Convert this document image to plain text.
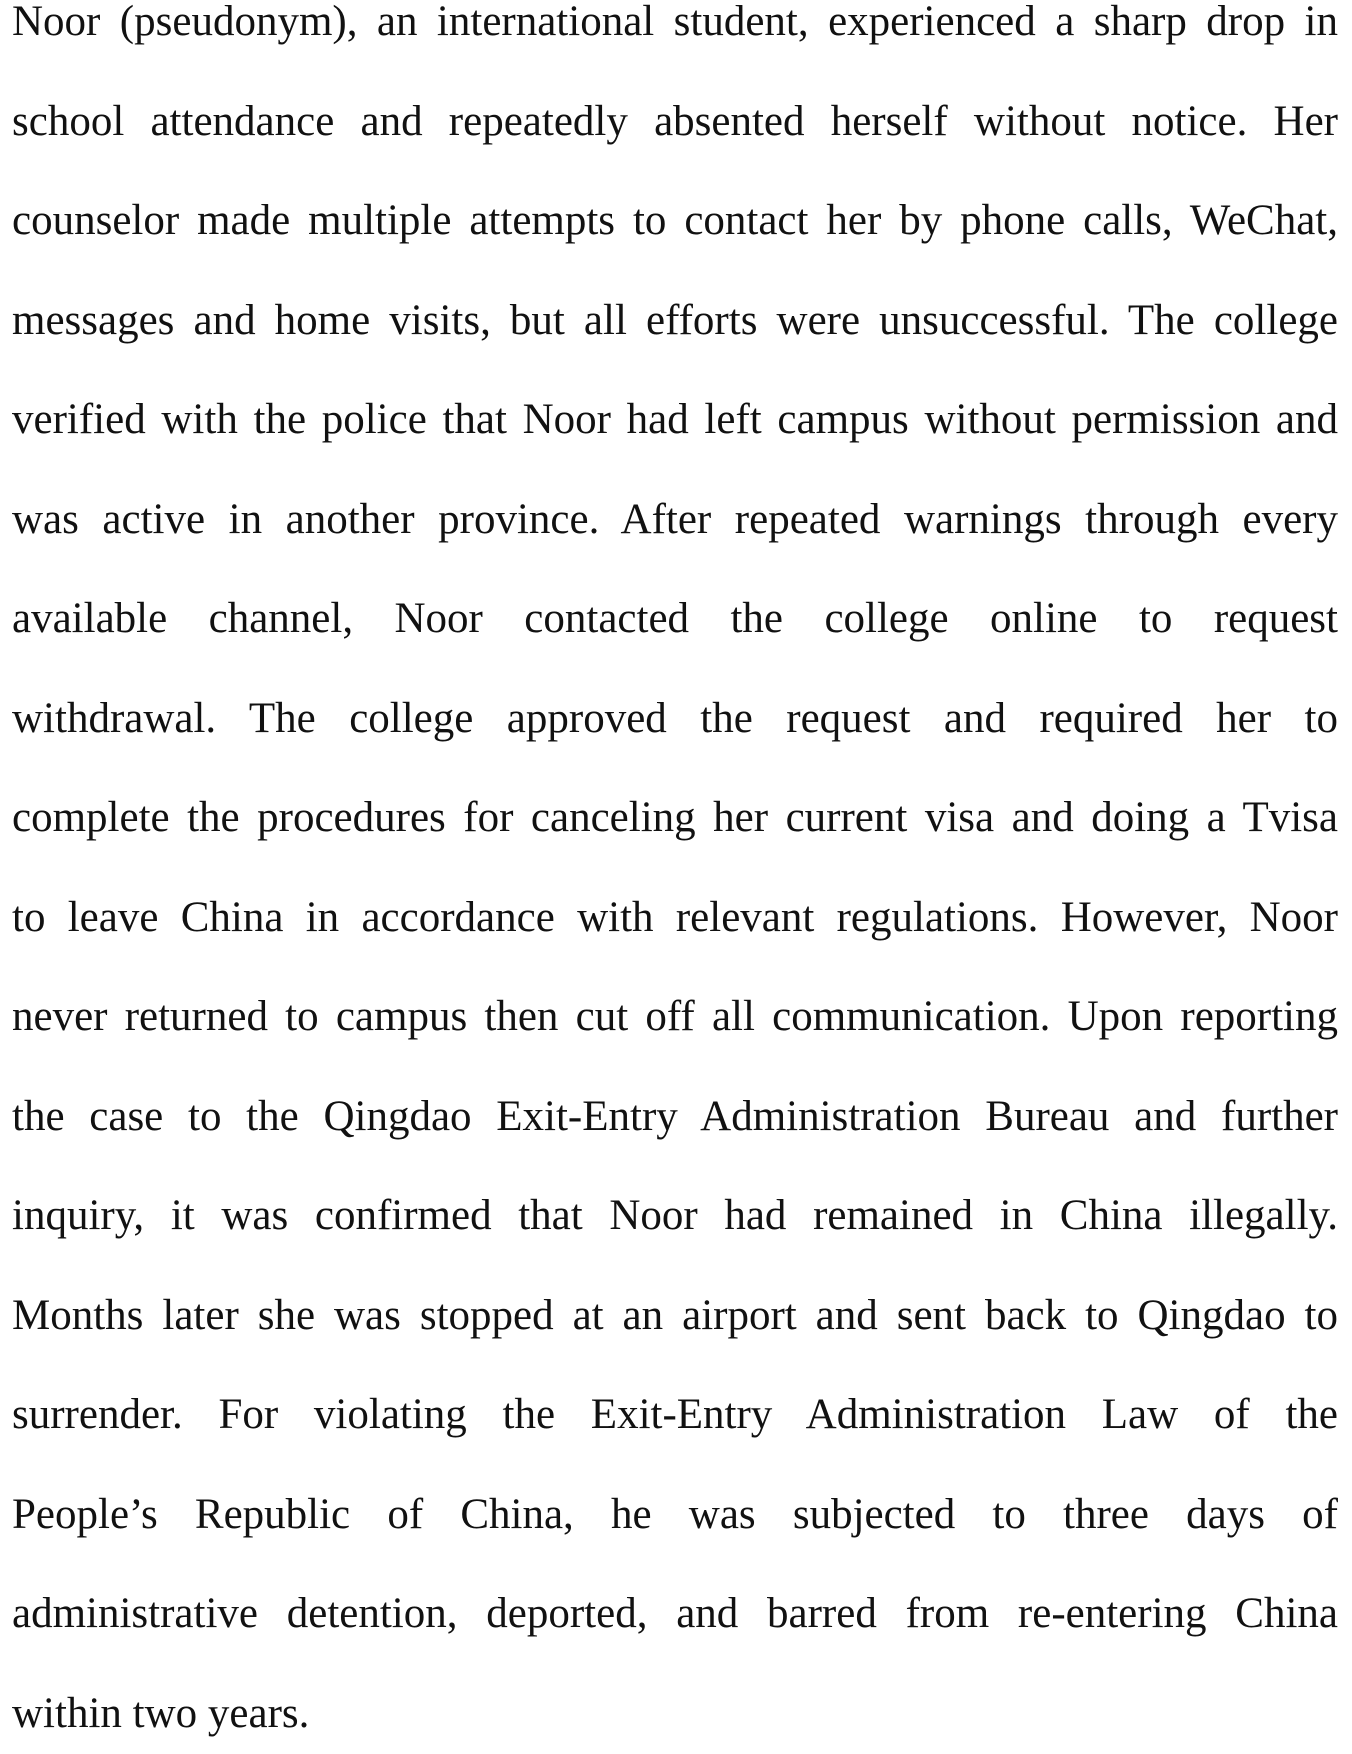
Noor (pseudonym), an international student, experienced a sharp drop in
school attendance and repeatedly absented herself without notice. Her
counselor made multiple attempts to contact her by phone calls, WeChat,
messages and home visits, but all efforts were unsuccessful. The college
verified with the police that Noor had left campus without permission and
was active in another province. After repeated warnings through every
available channel, Noor contacted the college online to request
withdrawal. The college approved the request and required her to
complete the procedures for canceling her current visa and doing a Tvisa
to leave China in accordance with relevant regulations. However, Noor
never returned to campus then cut off all communication. Upon reporting
the case to the Qingdao Exit-Entry Administration Bureau and further
inquiry, it was confirmed that Noor had remained in China illegally.
Months later she was stopped at an airport and sent back to Qingdao to
surrender. For violating the Exit-Entry Administration Law of the
People’s Republic of China, he was subjected to three days of
administrative detention, deported, and barred from re-entering China
within two years.
